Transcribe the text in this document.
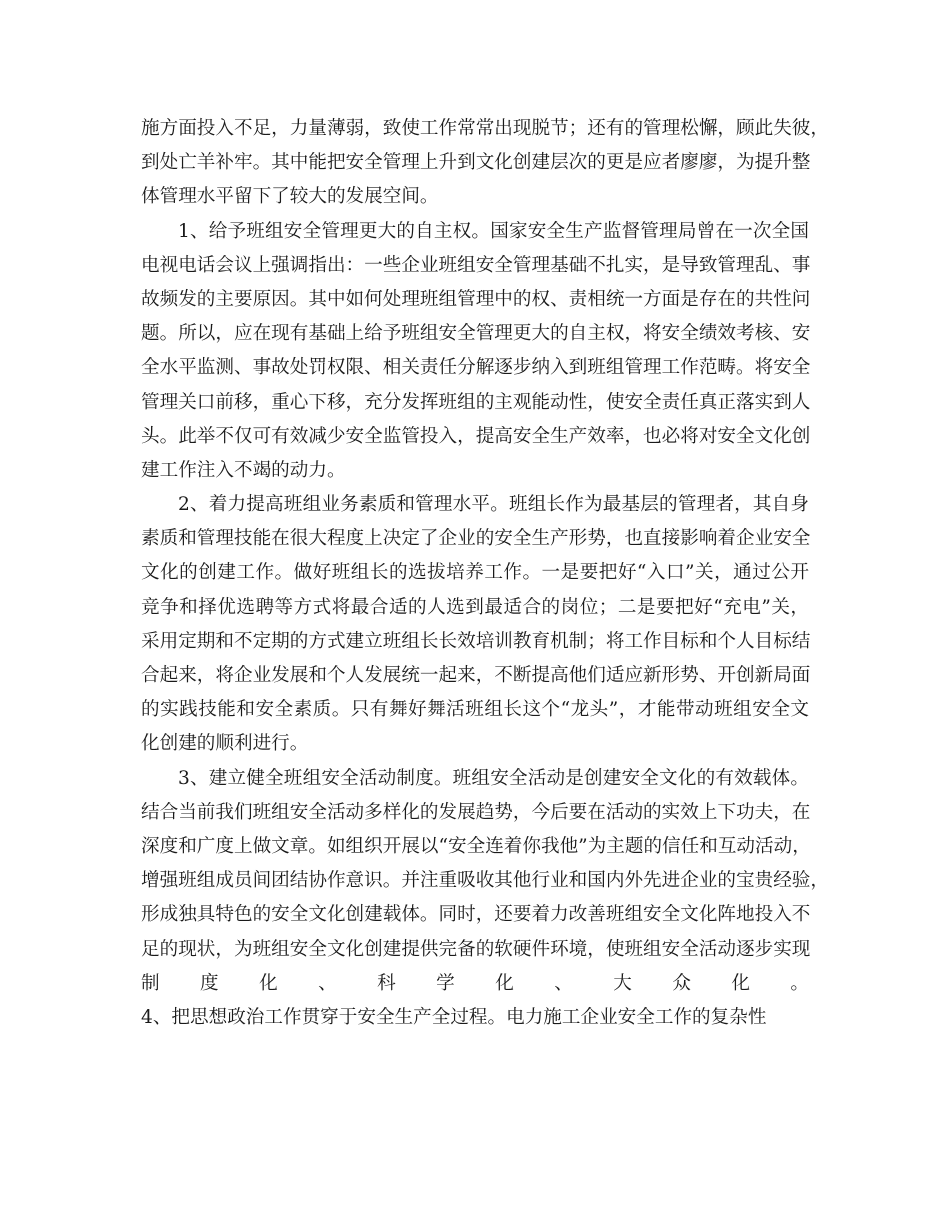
施方面投入不足，力量薄弱，致使工作常常出现脱节；还有的管理松懈，顾此失彼，
到处亡羊补牢。其中能把安全管理上升到文化创建层次的更是应者廖廖，为提升整
体管理水平留下了较大的发展空间。
1、给予班组安全管理更大的自主权。国家安全生产监督管理局曾在一次全国
电视电话会议上强调指出：一些企业班组安全管理基础不扎实，是导致管理乱、事
故频发的主要原因。其中如何处理班组管理中的权、责相统一方面是存在的共性问
题。所以，应在现有基础上给予班组安全管理更大的自主权，将安全绩效考核、安
全水平监测、事故处罚权限、相关责任分解逐步纳入到班组管理工作范畴。将安全
管理关口前移，重心下移，充分发挥班组的主观能动性，使安全责任真正落实到人
头。此举不仅可有效减少安全监管投入，提高安全生产效率，也必将对安全文化创
建工作注入不竭的动力。
2、着力提高班组业务素质和管理水平。班组长作为最基层的管理者，其自身
素质和管理技能在很大程度上决定了企业的安全生产形势，也直接影响着企业安全
文化的创建工作。做好班组长的选拔培养工作。一是要把好“入口”关，通过公开
竞争和择优选聘等方式将最合适的人选到最适合的岗位；二是要把好“充电”关，
采用定期和不定期的方式建立班组长长效培训教育机制；将工作目标和个人目标结
合起来，将企业发展和个人发展统一起来，不断提高他们适应新形势、开创新局面
的实践技能和安全素质。只有舞好舞活班组长这个“龙头”，才能带动班组安全文
化创建的顺利进行。
3、建立健全班组安全活动制度。班组安全活动是创建安全文化的有效载体。
结合当前我们班组安全活动多样化的发展趋势，今后要在活动的实效上下功夫，在
深度和广度上做文章。如组织开展以“安全连着你我他”为主题的信任和互动活动，
增强班组成员间团结协作意识。并注重吸收其他行业和国内外先进企业的宝贵经验，
形成独具特色的安全文化创建载体。同时，还要着力改善班组安全文化阵地投入不
足的现状，为班组安全文化创建提供完备的软硬件环境，使班组安全活动逐步实现
制度化、科学化、大众化。
4、把思想政治工作贯穿于安全生产全过程。电力施工企业安全工作的复杂性
